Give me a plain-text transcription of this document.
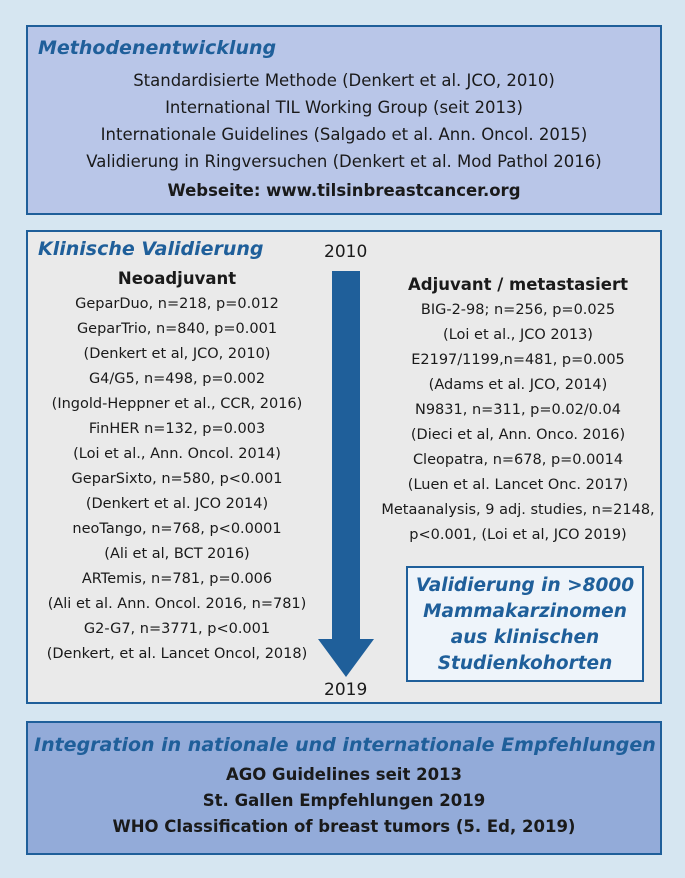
Methodenentwicklung
Standardisierte Methode (Denkert et al. JCO, 2010)
International TIL Working Group (seit 2013)
Internationale Guidelines (Salgado et al. Ann. Oncol. 2015)
Validierung in Ringversuchen (Denkert et al. Mod Pathol 2016)
Webseite: www.tilsinbreastcancer.org
Klinische Validierung	2010
2019
Neoadjuvant
GeparDuo, n=218, p=0.012
GeparTrio, n=840, p=0.001
(Denkert et al, JCO, 2010)
G4/G5, n=498, p=0.002
(Ingold-Heppner et al., CCR, 2016)
FinHER n=132, p=0.003
(Loi et al., Ann. Oncol. 2014)
GeparSixto, n=580, p<0.001
(Denkert et al. JCO 2014)
neoTango, n=768, p<0.0001
(Ali et al, BCT 2016)
ARTemis, n=781, p=0.006
(Ali et al. Ann. Oncol. 2016, n=781)
G2-G7, n=3771, p<0.001
(Denkert, et al. Lancet Oncol, 2018)
Adjuvant / metastasiert
BIG-2-98; n=256, p=0.025
(Loi et al., JCO 2013)
E2197/1199,n=481, p=0.005
(Adams et al. JCO, 2014)
N9831, n=311, p=0.02/0.04
(Dieci et al, Ann. Onco. 2016)
Cleopatra, n=678, p=0.0014
(Luen et al. Lancet Onc. 2017)
Metaanalysis, 9 adj. studies, n=2148,
p<0.001, (Loi et al, JCO 2019)
Validierung in >8000
Mammakarzinomen
aus klinischen
Studienkohorten
Integration in nationale und internationale Empfehlungen
AGO Guidelines seit 2013
St. Gallen Empfehlungen 2019
WHO Classification of breast tumors (5. Ed, 2019)
